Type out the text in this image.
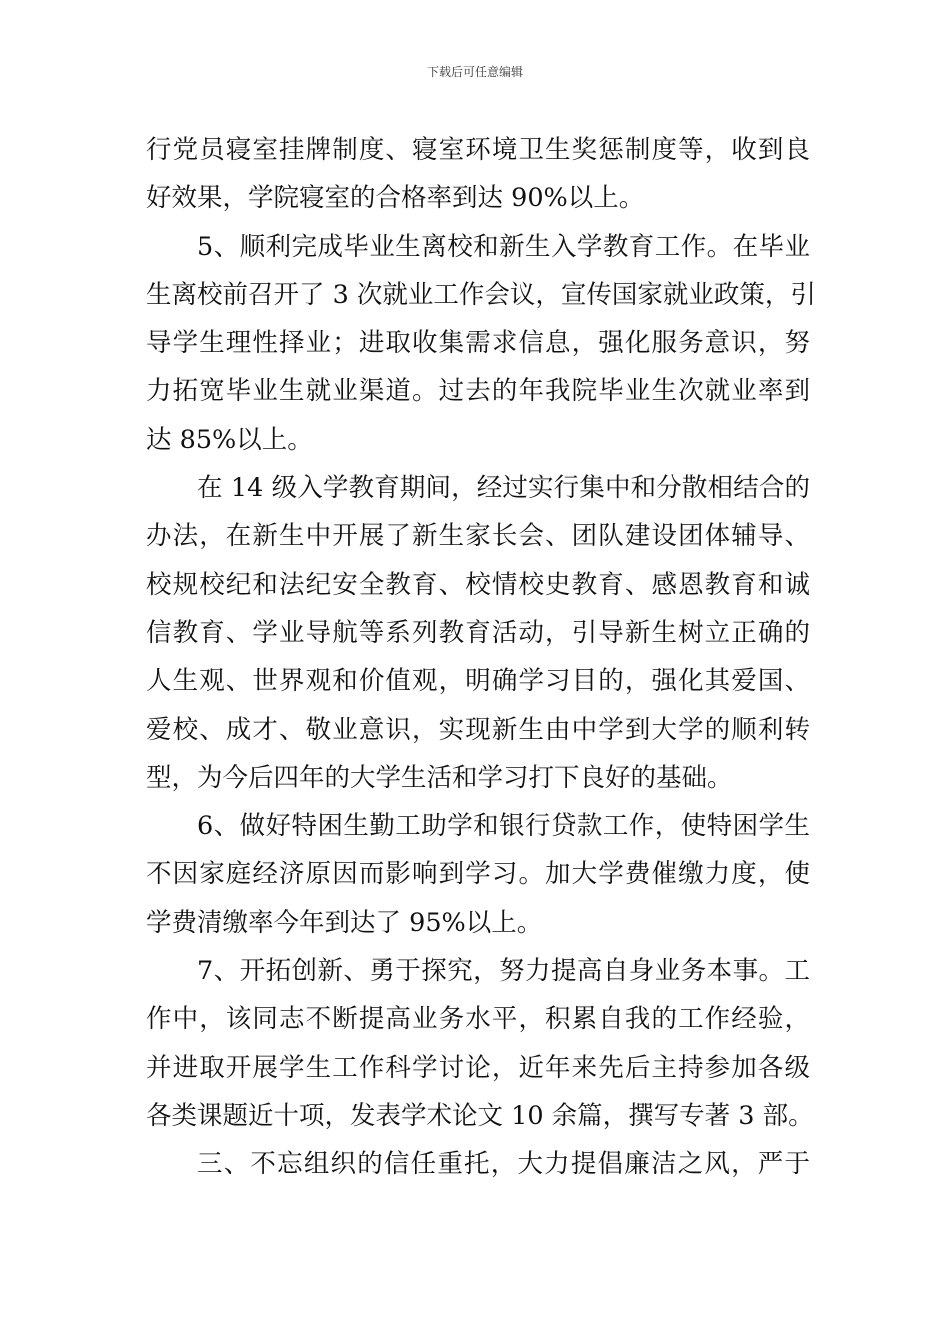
下载后可任意编辑
行党员寝室挂牌制度、寝室环境卫生奖惩制度等，收到良
好效果，学院寝室的合格率到达 90%以上。
5、顺利完成毕业生离校和新生入学教育工作。在毕业
生离校前召开了 3 次就业工作会议，宣传国家就业政策，引
导学生理性择业；进取收集需求信息，强化服务意识，努
力拓宽毕业生就业渠道。过去的年我院毕业生次就业率到
达 85%以上。
在 14 级入学教育期间，经过实行集中和分散相结合的
办法，在新生中开展了新生家长会、团队建设团体辅导、
校规校纪和法纪安全教育、校情校史教育、感恩教育和诚
信教育、学业导航等系列教育活动，引导新生树立正确的
人生观、世界观和价值观，明确学习目的，强化其爱国、
爱校、成才、敬业意识，实现新生由中学到大学的顺利转
型，为今后四年的大学生活和学习打下良好的基础。
6、做好特困生勤工助学和银行贷款工作，使特困学生
不因家庭经济原因而影响到学习。加大学费催缴力度，使
学费清缴率今年到达了 95%以上。
7、开拓创新、勇于探究，努力提高自身业务本事。工
作中，该同志不断提高业务水平，积累自我的工作经验，
并进取开展学生工作科学讨论，近年来先后主持参加各级
各类课题近十项，发表学术论文 10 余篇，撰写专著 3 部。
三、不忘组织的信任重托，大力提倡廉洁之风，严于
